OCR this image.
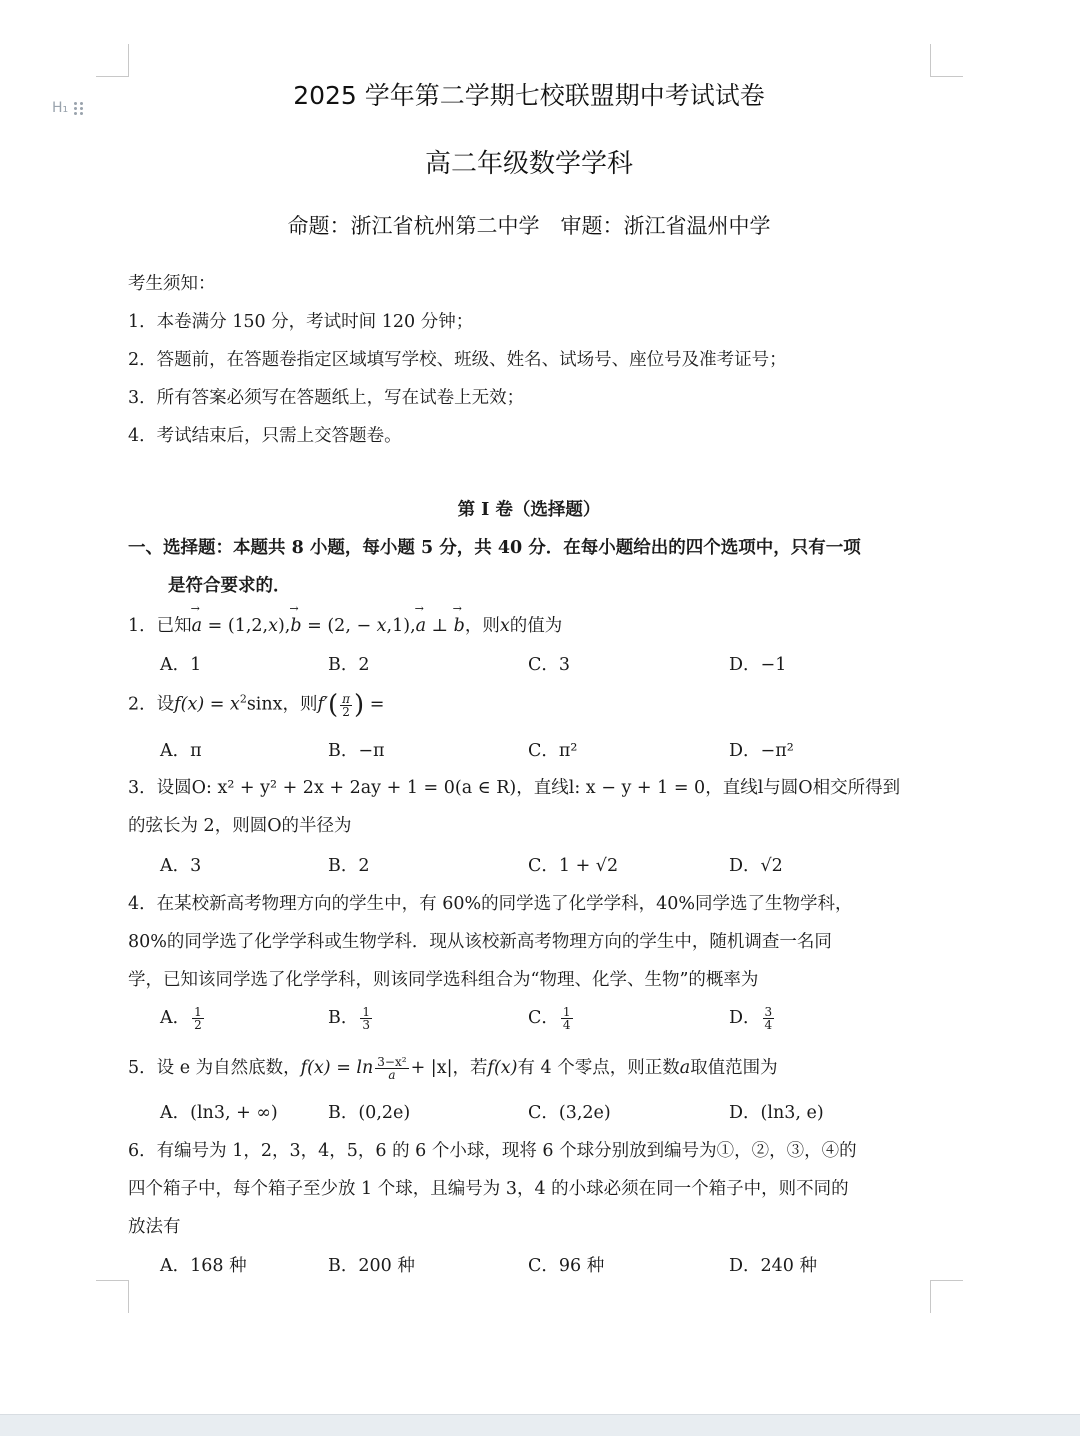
H₁	2025 学年第二学期七校联盟期中考试试卷
高二年级数学学科
命题：浙江省杭州第二中学　审题：浙江省温州中学
考生须知：
1．本卷满分 150 分，考试时间 120 分钟；
2．答题前，在答题卷指定区域填写学校、班级、姓名、试场号、座位号及准考证号；
3．所有答案必须写在答题纸上，写在试卷上无效；
4．考试结束后，只需上交答题卷。
第 I 卷（选择题）
一、选择题：本题共 8 小题，每小题 5 分，共 40 分．在每小题给出的四个选项中，只有一项
是符合要求的．
1．已知→ a = (1,2,x),→ b = (2, − x,1),→ a ⊥ → b，则x的值为
A．1	B．2	C．3	D．−1
2．设$f(x) = x^2\sin x$，则$f'( \frac{\pi}{2}$ ) =
A．π	B．−π	C．π²	D．−π²
3．设圆O: x² + y² + 2x + 2ay + 1 = 0(a ∈ R)，直线l: x − y + 1 = 0，直线l与圆O相交所得到
的弦长为 2，则圆O的半径为
A．3	B．2	C．1 + √2	D．√2
4．在某校新高考物理方向的学生中，有 60%的同学选了化学学科，40%同学选了生物学科，
80%的同学选了化学学科或生物学科．现从该校新高考物理方向的学生中，随机调查一名同
学，已知该同学选了化学学科，则该同学选科组合为“物理、化学、生物”的概率为
A． $\frac{1}{2}$	B． $\frac{1}{3}$	C． $\frac{1}{4}$	D． $\frac{3}{4}$
5．设 e 为自然底数，$f(x) = \ln \frac{\text{3−x²}}{a} + |x|$，若f(x)有 4 个零点，则正数a取值范围为
A．(ln3, + ∞)	B．(0,2e)	C．(3,2e)	D．(ln3, e)
6．有编号为 1，2，3，4，5，6 的 6 个小球，现将 6 个球分别放到编号为①，②，③，④的
四个箱子中，每个箱子至少放 1 个球，且编号为 3，4 的小球必须在同一个箱子中，则不同的
放法有
A．168 种	B．200 种	C．96 种	D．240 种
